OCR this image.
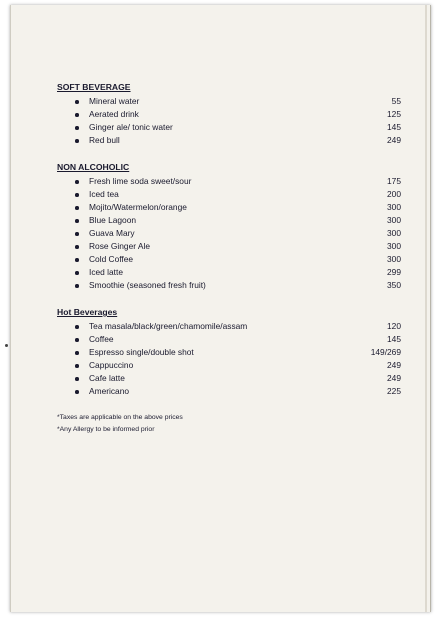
SOFT BEVERAGE
Mineral water	55
Aerated drink	125
Ginger ale/ tonic water	145
Red bull	249
NON ALCOHOLIC
Fresh lime soda sweet/sour	175
Iced tea	200
Mojito/Watermelon/orange	300
Blue Lagoon	300
Guava Mary	300
Rose Ginger Ale	300
Cold Coffee	300
Iced latte	299
Smoothie (seasoned fresh fruit)	350
Hot Beverages
Tea masala/black/green/chamomile/assam	120
Coffee	145
Espresso single/double shot	149/269
Cappuccino	249
Cafe latte	249
Americano	225
*Taxes are applicable on the above prices
*Any Allergy to be informed prior
